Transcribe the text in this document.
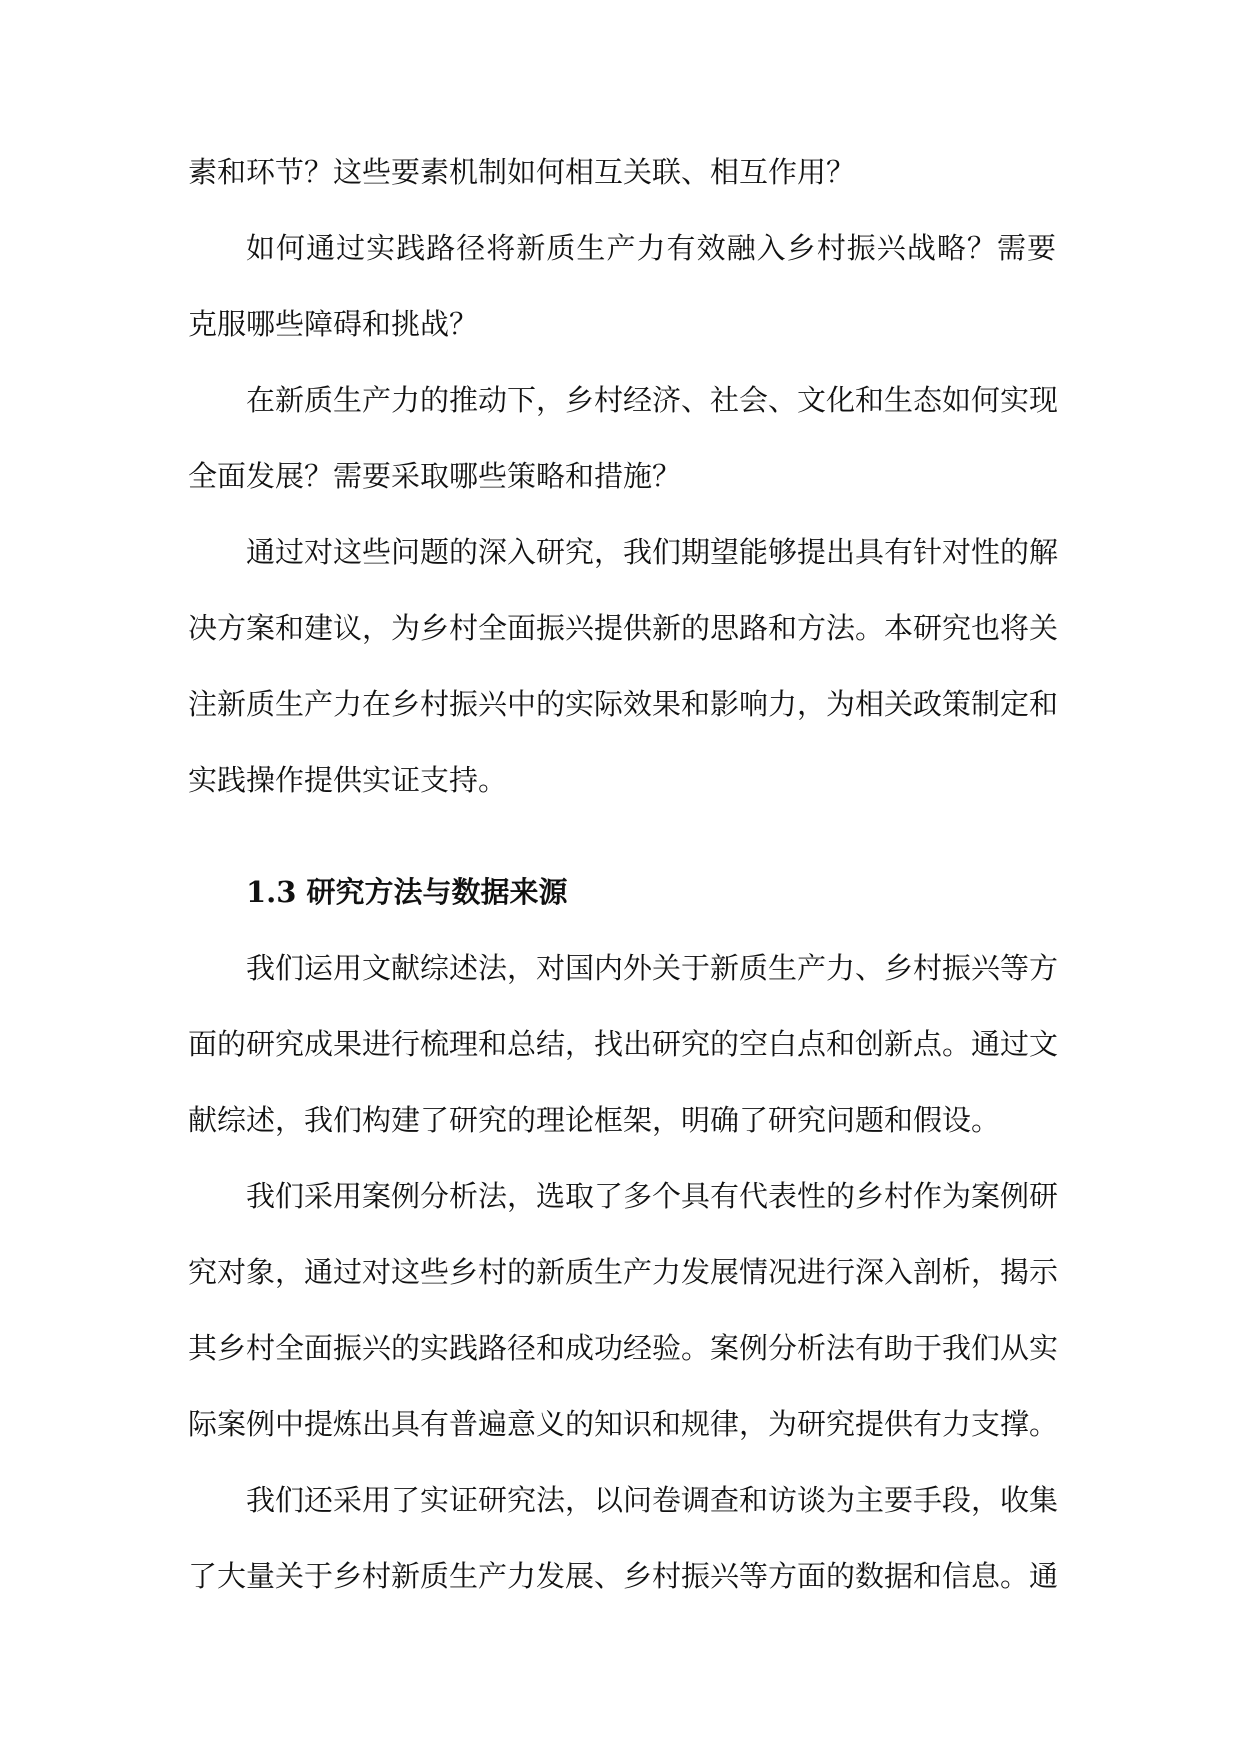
素和环节？这些要素机制如何相互关联、相互作用？
如何通过实践路径将新质生产力有效融入乡村振兴战略？需要
克服哪些障碍和挑战？
在新质生产力的推动下，乡村经济、社会、文化和生态如何实现
全面发展？需要采取哪些策略和措施？
通过对这些问题的深入研究，我们期望能够提出具有针对性的解
决方案和建议，为乡村全面振兴提供新的思路和方法。本研究也将关
注新质生产力在乡村振兴中的实际效果和影响力，为相关政策制定和
实践操作提供实证支持。
1.3 研究方法与数据来源
我们运用文献综述法，对国内外关于新质生产力、乡村振兴等方
面的研究成果进行梳理和总结，找出研究的空白点和创新点。通过文
献综述，我们构建了研究的理论框架，明确了研究问题和假设。
我们采用案例分析法，选取了多个具有代表性的乡村作为案例研
究对象，通过对这些乡村的新质生产力发展情况进行深入剖析，揭示
其乡村全面振兴的实践路径和成功经验。案例分析法有助于我们从实
际案例中提炼出具有普遍意义的知识和规律，为研究提供有力支撑。
我们还采用了实证研究法，以问卷调查和访谈为主要手段，收集
了大量关于乡村新质生产力发展、乡村振兴等方面的数据和信息。通
